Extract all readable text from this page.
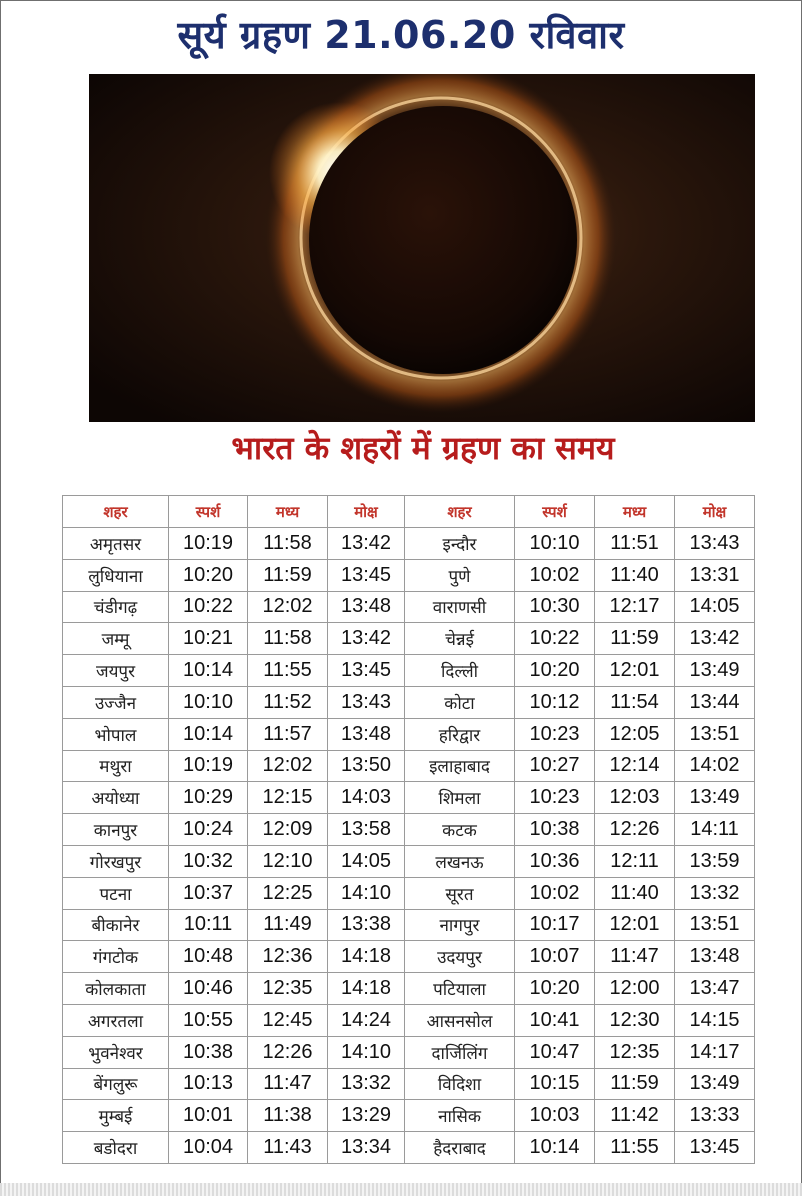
सूर्य ग्रहण 21.06.20 रविवार
भारत के शहरों में ग्रहण का समय
शहर	स्पर्श	मध्य	मोक्ष	शहर	स्पर्श	मध्य	मोक्ष
अमृतसर	10:19	11:58	13:42	इन्दौर	10:10	11:51	13:43
लुधियाना	10:20	11:59	13:45	पुणे	10:02	11:40	13:31
चंडीगढ़	10:22	12:02	13:48	वाराणसी	10:30	12:17	14:05
जम्मू	10:21	11:58	13:42	चेन्नई	10:22	11:59	13:42
जयपुर	10:14	11:55	13:45	दिल्ली	10:20	12:01	13:49
उज्जैन	10:10	11:52	13:43	कोटा	10:12	11:54	13:44
भोपाल	10:14	11:57	13:48	हरिद्वार	10:23	12:05	13:51
मथुरा	10:19	12:02	13:50	इलाहाबाद	10:27	12:14	14:02
अयोध्या	10:29	12:15	14:03	शिमला	10:23	12:03	13:49
कानपुर	10:24	12:09	13:58	कटक	10:38	12:26	14:11
गोरखपुर	10:32	12:10	14:05	लखनऊ	10:36	12:11	13:59
पटना	10:37	12:25	14:10	सूरत	10:02	11:40	13:32
बीकानेर	10:11	11:49	13:38	नागपुर	10:17	12:01	13:51
गंगटोक	10:48	12:36	14:18	उदयपुर	10:07	11:47	13:48
कोलकाता	10:46	12:35	14:18	पटियाला	10:20	12:00	13:47
अगरतला	10:55	12:45	14:24	आसनसोल	10:41	12:30	14:15
भुवनेश्वर	10:38	12:26	14:10	दार्जिलिंग	10:47	12:35	14:17
बेंगलुरू	10:13	11:47	13:32	विदिशा	10:15	11:59	13:49
मुम्बई	10:01	11:38	13:29	नासिक	10:03	11:42	13:33
बडोदरा	10:04	11:43	13:34	हैदराबाद	10:14	11:55	13:45
